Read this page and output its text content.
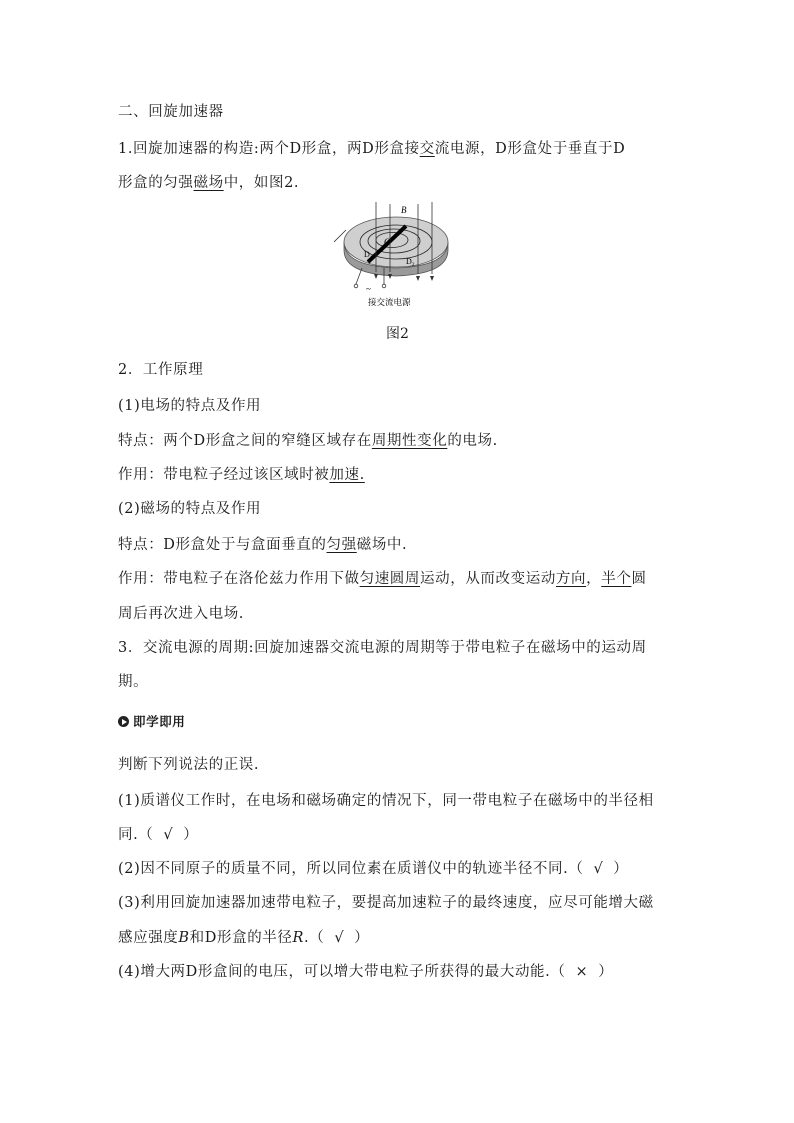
二、回旋加速器
1.回旋加速器的构造:两个D形盒，两D形盒接交流电源，D形盒处于垂直于D
形盒的匀强磁场中，如图2.
B
O
$D_1$	$D_2$
~
接交流电源
图2
2．工作原理
(1)电场的特点及作用
特点：两个D形盒之间的窄缝区域存在周期性变化的电场.
作用：带电粒子经过该区域时被加速.
(2)磁场的特点及作用
特点：D形盒处于与盒面垂直的匀强磁场中.
作用：带电粒子在洛伦兹力作用下做匀速圆周运动，从而改变运动方向，半个圆
周后再次进入电场.
3．交流电源的周期:回旋加速器交流电源的周期等于带电粒子在磁场中的运动周
期。
即学即用
判断下列说法的正误.
(1)质谱仪工作时，在电场和磁场确定的情况下，同一带电粒子在磁场中的半径相
同.（ √ ）
(2)因不同原子的质量不同，所以同位素在质谱仪中的轨迹半径不同.（ √ ）
(3)利用回旋加速器加速带电粒子，要提高加速粒子的最终速度，应尽可能增大磁
感应强度B和D形盒的半径R.（ √ ）
(4)增大两D形盒间的电压，可以增大带电粒子所获得的最大动能.（ × ）
